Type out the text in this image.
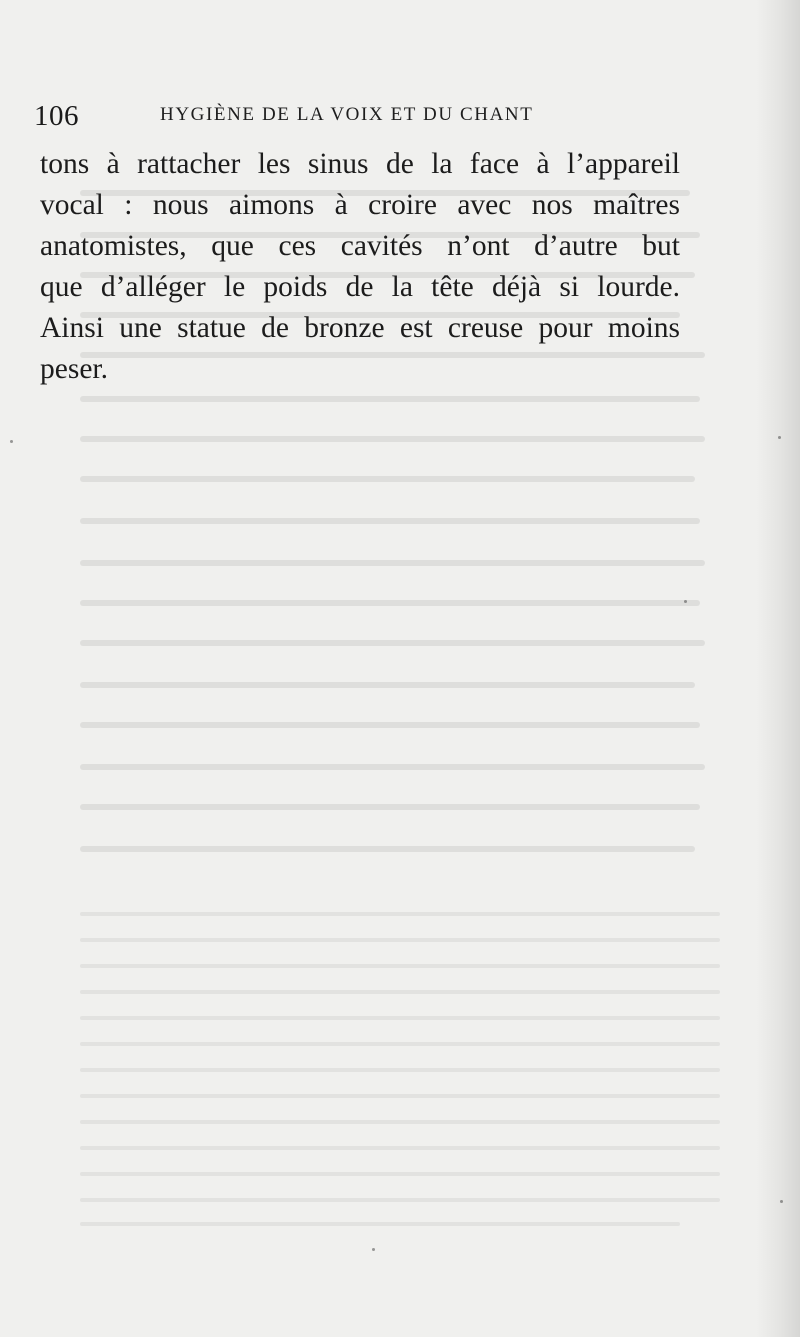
106	HYGIÈNE DE LA VOIX ET DU CHANT
tons à rattacher les sinus de la face à l’appareil
vocal : nous aimons à croire avec nos maîtres
anatomistes, que ces cavités n’ont d’autre but
que d’alléger le poids de la tête déjà si lourde.
Ainsi une statue de bronze est creuse pour moins
peser.
